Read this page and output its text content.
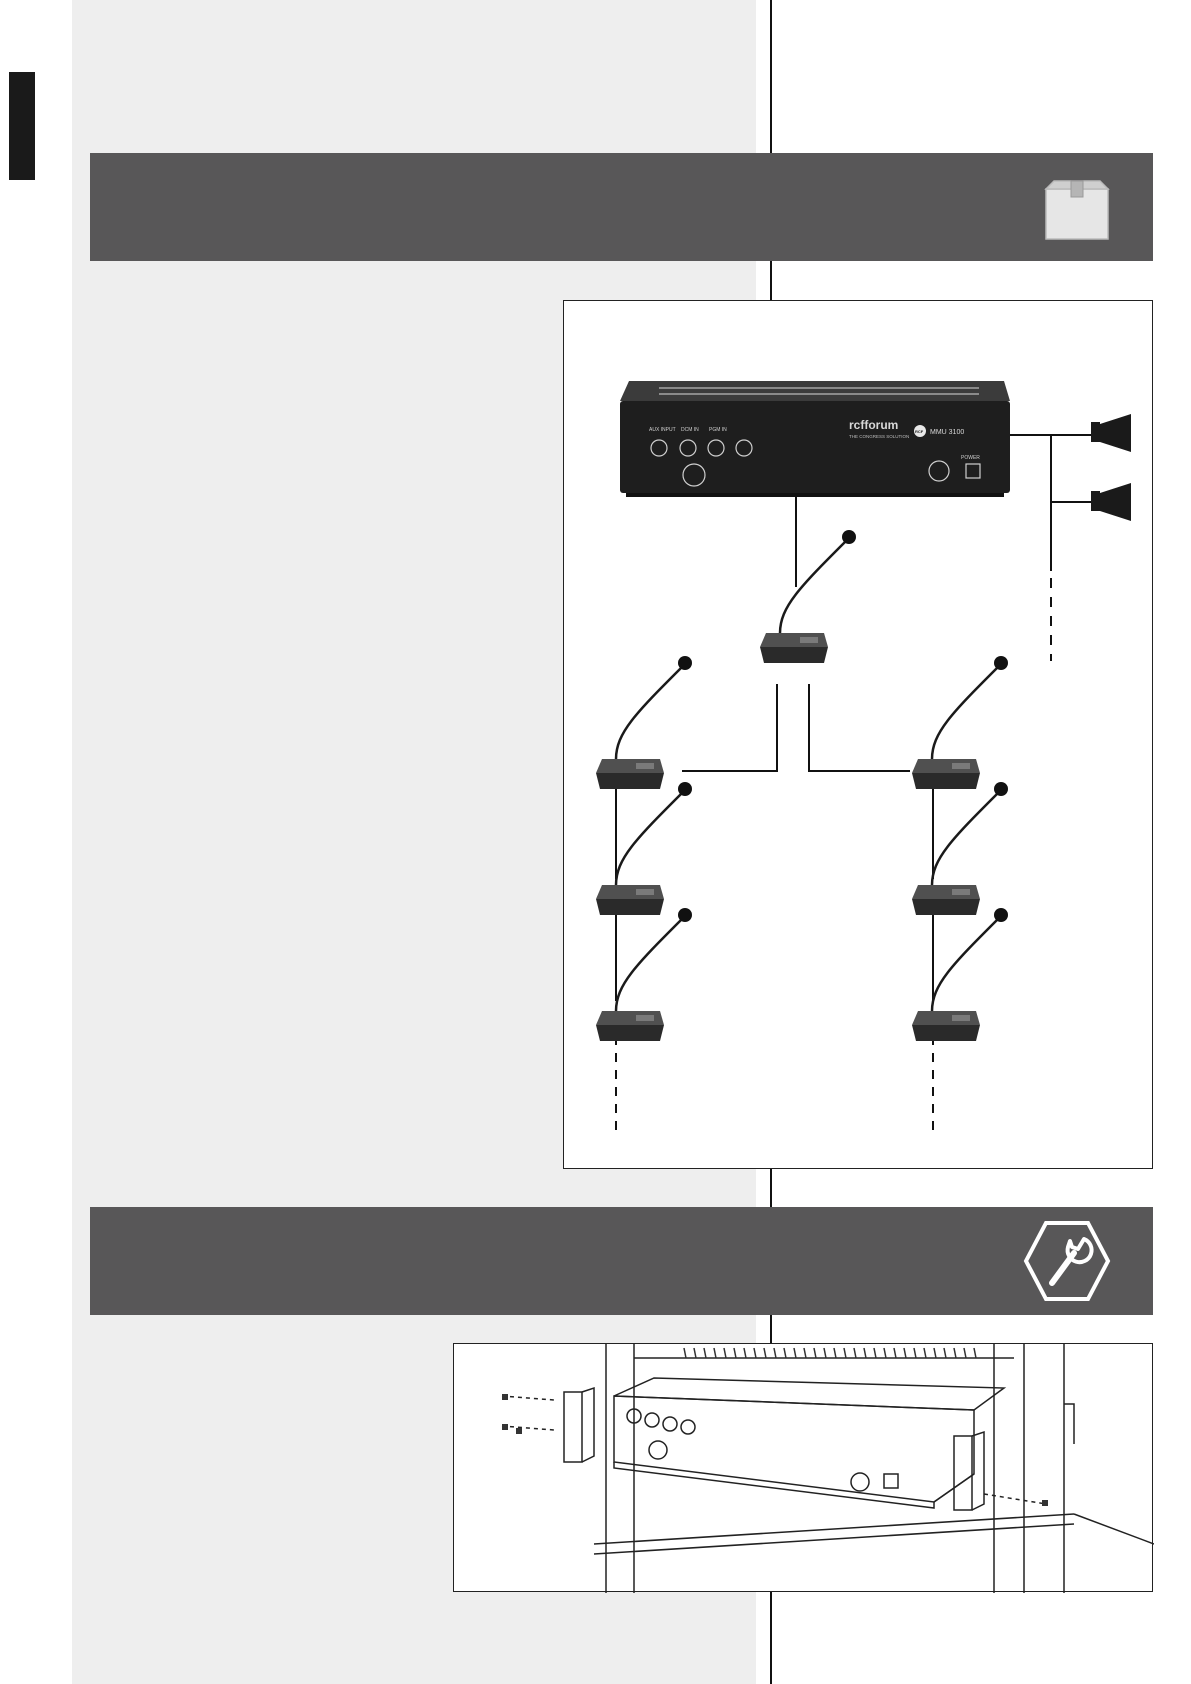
AUX INPUT DCM IN PGM IN
POWER
rcfforum
THE CONGRESS SOLUTION
RCF MMU 3100
